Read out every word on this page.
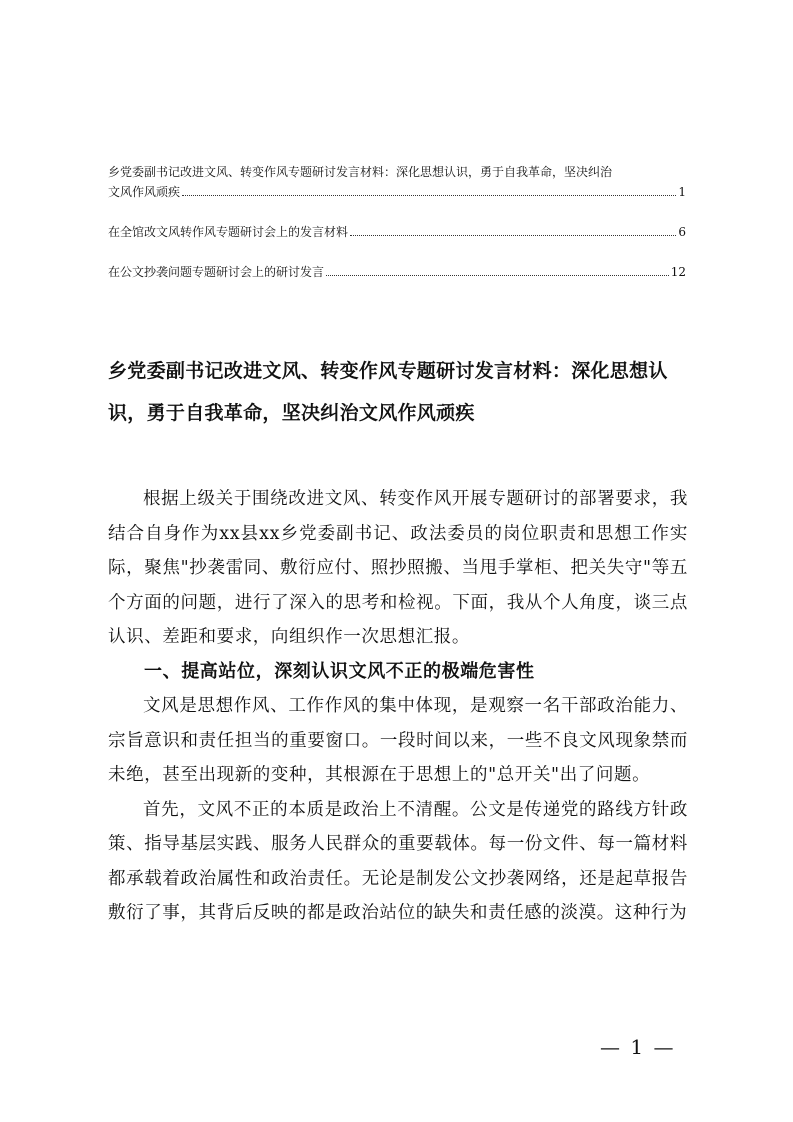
乡党委副书记改进文风、转变作风专题研讨发言材料：深化思想认识，勇于自我革命，坚决纠治
文风作风顽疾	1
在全馆改文风转作风专题研讨会上的发言材料	6
在公文抄袭问题专题研讨会上的研讨发言	12
乡党委副书记改进文风、转变作风专题研讨发言材料：深化思想认识，勇于自我革命，坚决纠治文风作风顽疾

根据上级关于围绕改进文风、转变作风开展专题研讨的部署要求，我结合自身作为xx县xx乡党委副书记、政法委员的岗位职责和思想工作实际，聚焦"抄袭雷同、敷衍应付、照抄照搬、当甩手掌柜、把关失守"等五个方面的问题，进行了深入的思考和检视。下面，我从个人角度，谈三点认识、差距和要求，向组织作一次思想汇报。

一、提高站位，深刻认识文风不正的极端危害性

文风是思想作风、工作作风的集中体现，是观察一名干部政治能力、宗旨意识和责任担当的重要窗口。一段时间以来，一些不良文风现象禁而未绝，甚至出现新的变种，其根源在于思想上的"总开关"出了问题。

首先，文风不正的本质是政治上不清醒。公文是传递党的路线方针政策、指导基层实践、服务人民群众的重要载体。每一份文件、每一篇材料都承载着政治属性和政治责任。无论是制发公文抄袭网络，还是起草报告敷衍了事，其背后反映的都是政治站位的缺失和责任感的淡漠。这种行为

— 1 —
